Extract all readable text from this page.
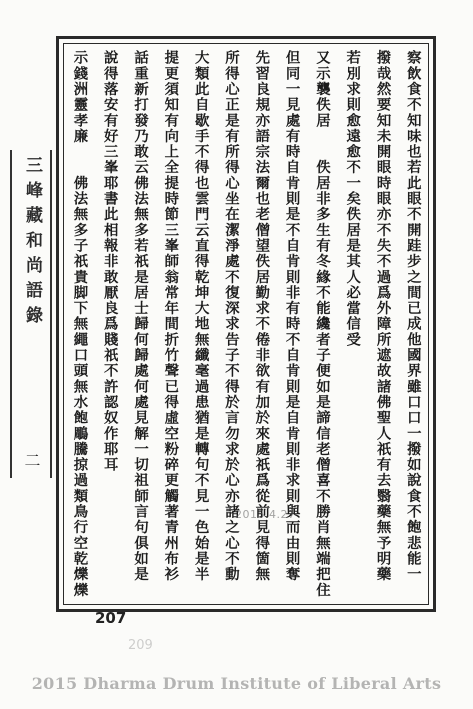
三峰藏和尚語錄
二	察飲食不知味也若此眼不開跬步之間已成他國界雖口口一撥如說食不飽悲能一
撥哉然要知未開眼時眼亦不失不過爲外障所遮故諸佛聖人祇有去翳藥無予明藥
若別求則愈遠愈不一矣佚居是其人必當信受
又示襲佚居　　佚居非多生有冬緣不能纔者子便如是諦信老僧喜不勝肖無端把住
但同一見處有時自肯則是不自肯則非有時不自肯則是自肯則非求則與而由則奪
先習良規亦語宗法爾也老僧望佚居勤求不倦非欲有加於來處祇爲從前見得箇無
所得心正是有所得心坐在潔淨處不復深求告子不得於言勿求於心亦諸之心不動
大類此自歇手不得也雲門云直得乾坤大地無纖毫過患猶是轉句不見一色始是半
提更須知有向上全提時節三峯師翁常年間折竹聲已得虛空粉碎更觸著青州布衫
話重新打發乃敢云佛法無多若祇是居士歸何歸處何處見解一切祖師言句俱如是
說得落安有好三峯耶書此相報非敢厭良爲賤祇不許認奴作耶耳
示錢洲靈孝廉　　佛法無多子祇貴脚下無繩口頭無水飽鵰騰掠過類鳥行空乾爍爍	2015.4.27
207
209
2015 Dharma Drum Institute of Liberal Arts
